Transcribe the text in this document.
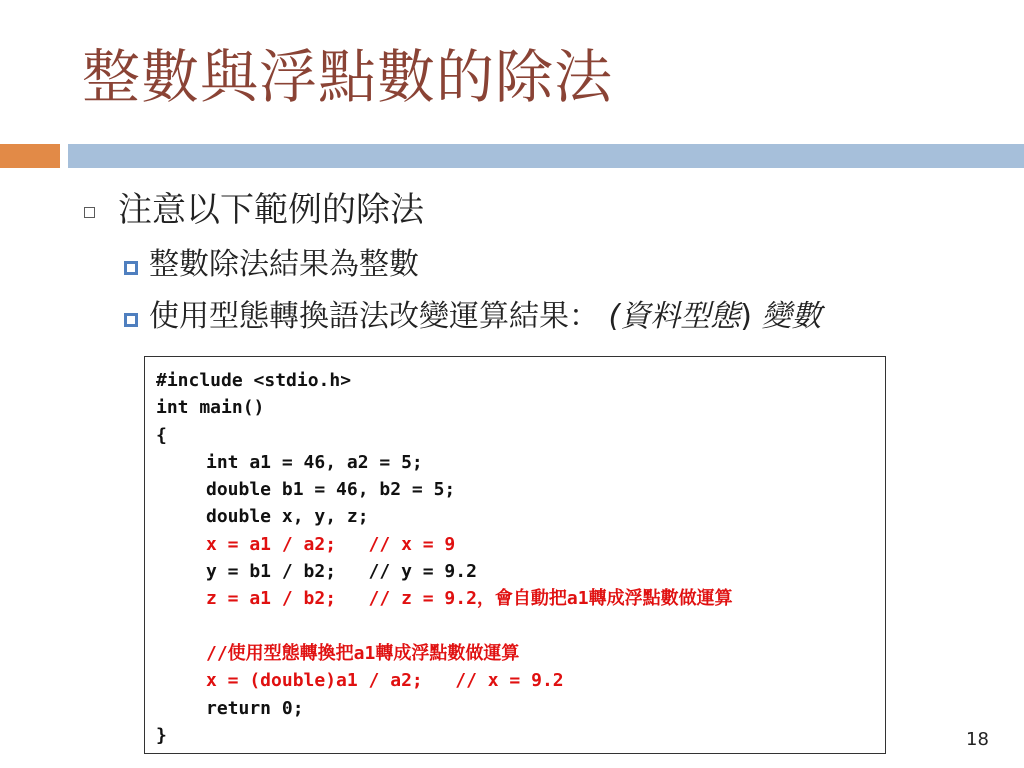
整數與浮點數的除法
注意以下範例的除法
整數除法結果為整數
使用型態轉換語法改變運算結果： (資料型態) 變數
#include <stdio.h>
int main()
{
int a1 = 46, a2 = 5;
double b1 = 46, b2 = 5;
double x, y, z;
x = a1 / a2;   // x = 9
y = b1 / b2;   // y = 9.2
z = a1 / b2;   // z = 9.2，會自動把a1轉成浮點數做運算
//使用型態轉換把a1轉成浮點數做運算
x = (double)a1 / a2;   // x = 9.2
return 0;
}	18
